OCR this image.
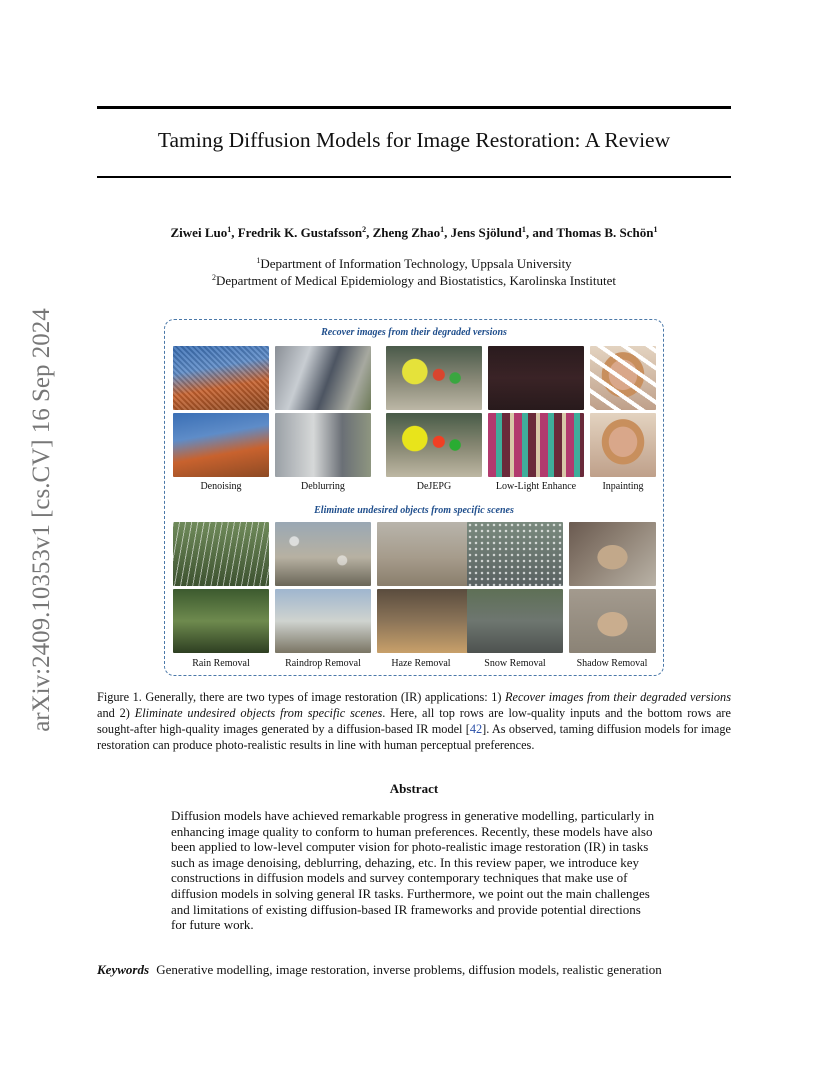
Taming Diffusion Models for Image Restoration: A Review
Ziwei Luo$^1$, Fredrik K. Gustafsson$^2$, Zheng Zhao$^1$, Jens Sjölund$^1$, and Thomas B. Schön$^1$
$^1$Department of Information Technology, Uppsala University
$^2$Department of Medical Epidemiology and Biostatistics, Karolinska Institutet
arXiv:2409.10353v1 [cs.CV] 16 Sep 2024	Recover images from their degraded versions
Eliminate undesired objects from specific scenes
Denoising	Deblurring	DeJEPG	Low-Light Enhance	Inpainting
Rain Removal	Raindrop Removal	Haze Removal	Snow Removal	Shadow Removal
Figure 1. Generally, there are two types of image restoration (IR) applications: 1) Recover images from their degraded versions and 2) Eliminate undesired objects from specific scenes. Here, all top rows are low-quality inputs and the bottom rows are sought-after high-quality images generated by a diffusion-based IR model [42]. As observed, taming diffusion models for image restoration can produce photo-realistic results in line with human perceptual preferences.
Abstract
Diffusion models have achieved remarkable progress in generative modelling, particularly in enhancing image quality to conform to human preferences. Recently, these models have also been applied to low-level computer vision for photo-realistic image restoration (IR) in tasks such as image denoising, deblurring, dehazing, etc. In this review paper, we introduce key constructions in diffusion models and survey contemporary techniques that make use of diffusion models in solving general IR tasks. Furthermore, we point out the main challenges and limitations of existing diffusion-based IR frameworks and provide potential directions for future work.
Keywords Generative modelling, image restoration, inverse problems, diffusion models, realistic generation
